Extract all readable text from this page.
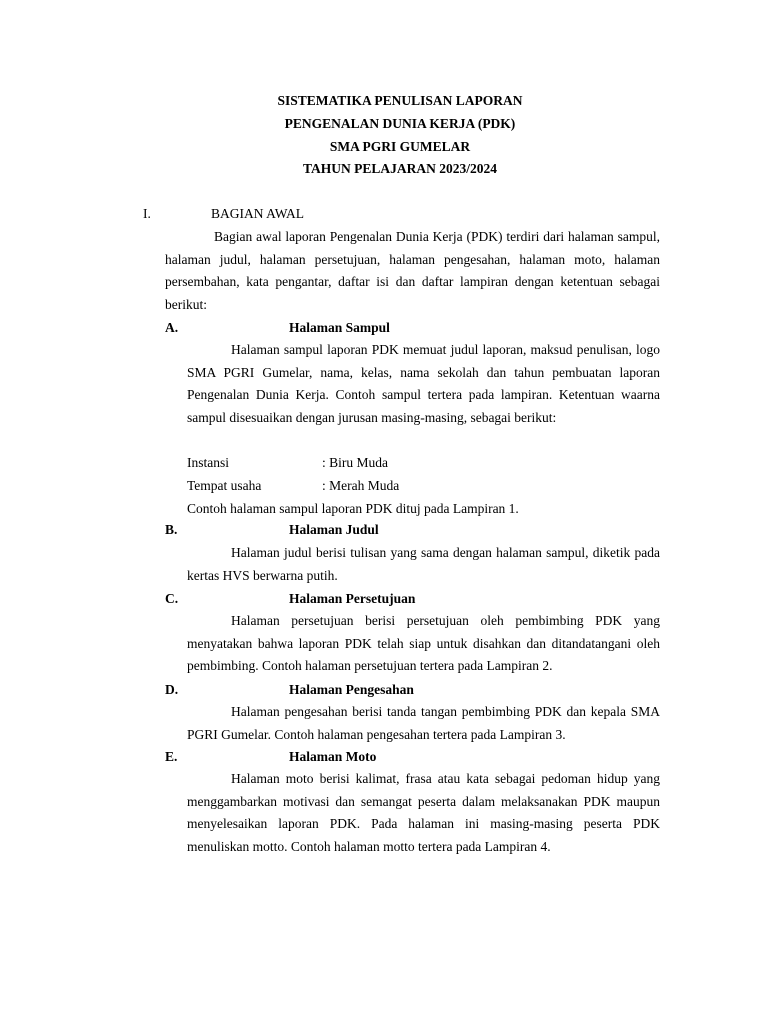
SISTEMATIKA PENULISAN LAPORAN
PENGENALAN DUNIA KERJA (PDK)
SMA PGRI GUMELAR
TAHUN PELAJARAN 2023/2024
I.	BAGIAN AWAL
Bagian awal laporan Pengenalan Dunia Kerja (PDK) terdiri dari halaman sampul, halaman judul, halaman persetujuan, halaman pengesahan, halaman moto, halaman persembahan, kata pengantar, daftar isi dan daftar lampiran dengan ketentuan sebagai berikut:
A.	Halaman Sampul
Halaman sampul laporan PDK memuat judul laporan, maksud penulisan, logo SMA PGRI Gumelar, nama, kelas, nama sekolah dan tahun pembuatan laporan Pengenalan Dunia Kerja. Contoh sampul tertera pada lampiran. Ketentuan waarna sampul disesuaikan dengan jurusan masing-masing, sebagai berikut:
Instansi	: Biru Muda
Tempat usaha	: Merah Muda
Contoh halaman sampul laporan PDK dituj pada Lampiran 1.
B.	Halaman Judul
Halaman judul berisi tulisan yang sama dengan halaman sampul, diketik pada kertas HVS berwarna putih.
C.	Halaman Persetujuan
Halaman persetujuan berisi persetujuan oleh pembimbing PDK yang menyatakan bahwa laporan PDK telah siap untuk disahkan dan ditandatangani oleh pembimbing. Contoh halaman persetujuan tertera pada Lampiran 2.
D.	Halaman Pengesahan
Halaman pengesahan berisi tanda tangan pembimbing PDK dan kepala SMA PGRI Gumelar. Contoh halaman pengesahan tertera pada Lampiran 3.
E.	Halaman Moto
Halaman moto berisi kalimat, frasa atau kata sebagai pedoman hidup yang menggambarkan motivasi dan semangat peserta dalam melaksanakan PDK maupun menyelesaikan laporan PDK. Pada halaman ini masing-masing peserta PDK menuliskan motto. Contoh halaman motto tertera pada Lampiran 4.
